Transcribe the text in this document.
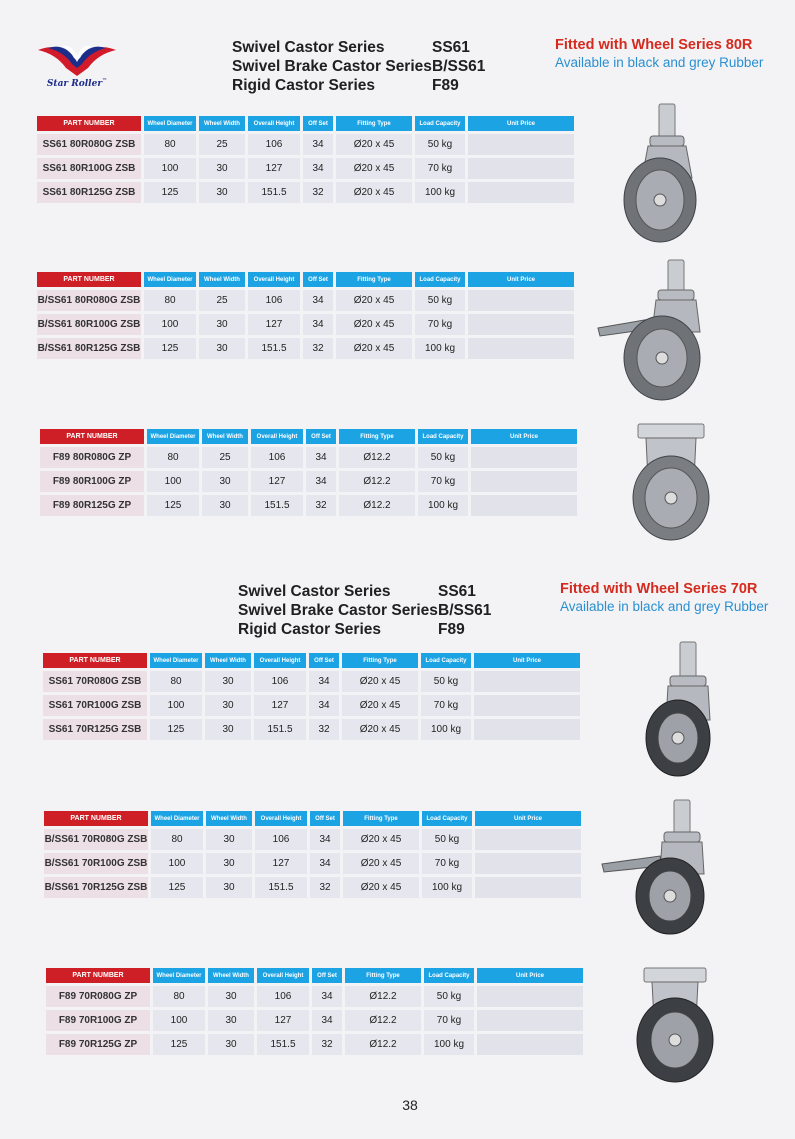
Star Roller™
Swivel Castor Series	SS61
Swivel Brake Castor Series B/SS61
Rigid Castor Series	F89
Fitted with Wheel Series 80R
Available in black and grey Rubber
PART NUMBER	Wheel Diameter	Wheel Width	Overall Height	Off Set	Fitting Type	Load Capacity	Unit Price
SS61 80R080G ZSB	80	25	106	34	Ø20 x 45	50 kg	
SS61 80R100G ZSB	100	30	127	34	Ø20 x 45	70 kg	
SS61 80R125G ZSB	125	30	151.5	32	Ø20 x 45	100 kg	
PART NUMBER	Wheel Diameter	Wheel Width	Overall Height	Off Set	Fitting Type	Load Capacity	Unit Price
B/SS61 80R080G ZSB	80	25	106	34	Ø20 x 45	50 kg	
B/SS61 80R100G ZSB	100	30	127	34	Ø20 x 45	70 kg	
B/SS61 80R125G ZSB	125	30	151.5	32	Ø20 x 45	100 kg	
PART NUMBER	Wheel Diameter	Wheel Width	Overall Height	Off Set	Fitting Type	Load Capacity	Unit Price
F89 80R080G ZP	80	25	106	34	Ø12.2	50 kg	
F89 80R100G ZP	100	30	127	34	Ø12.2	70 kg	
F89 80R125G ZP	125	30	151.5	32	Ø12.2	100 kg	
PART NUMBER	Wheel Diameter	Wheel Width	Overall Height	Off Set	Fitting Type	Load Capacity	Unit Price
SS61 70R080G ZSB	80	30	106	34	Ø20 x 45	50 kg	
SS61 70R100G ZSB	100	30	127	34	Ø20 x 45	70 kg	
SS61 70R125G ZSB	125	30	151.5	32	Ø20 x 45	100 kg	
PART NUMBER	Wheel Diameter	Wheel Width	Overall Height	Off Set	Fitting Type	Load Capacity	Unit Price
B/SS61 70R080G ZSB	80	30	106	34	Ø20 x 45	50 kg	
B/SS61 70R100G ZSB	100	30	127	34	Ø20 x 45	70 kg	
B/SS61 70R125G ZSB	125	30	151.5	32	Ø20 x 45	100 kg	
PART NUMBER	Wheel Diameter	Wheel Width	Overall Height	Off Set	Fitting Type	Load Capacity	Unit Price
F89 70R080G ZP	80	30	106	34	Ø12.2	50 kg	
F89 70R100G ZP	100	30	127	34	Ø12.2	70 kg	
F89 70R125G ZP	125	30	151.5	32	Ø12.2	100 kg	
Swivel Castor Series	SS61
Swivel Brake Castor Series B/SS61
Rigid Castor Series	F89
Fitted with Wheel Series 70R
Available in black and grey Rubber
38
